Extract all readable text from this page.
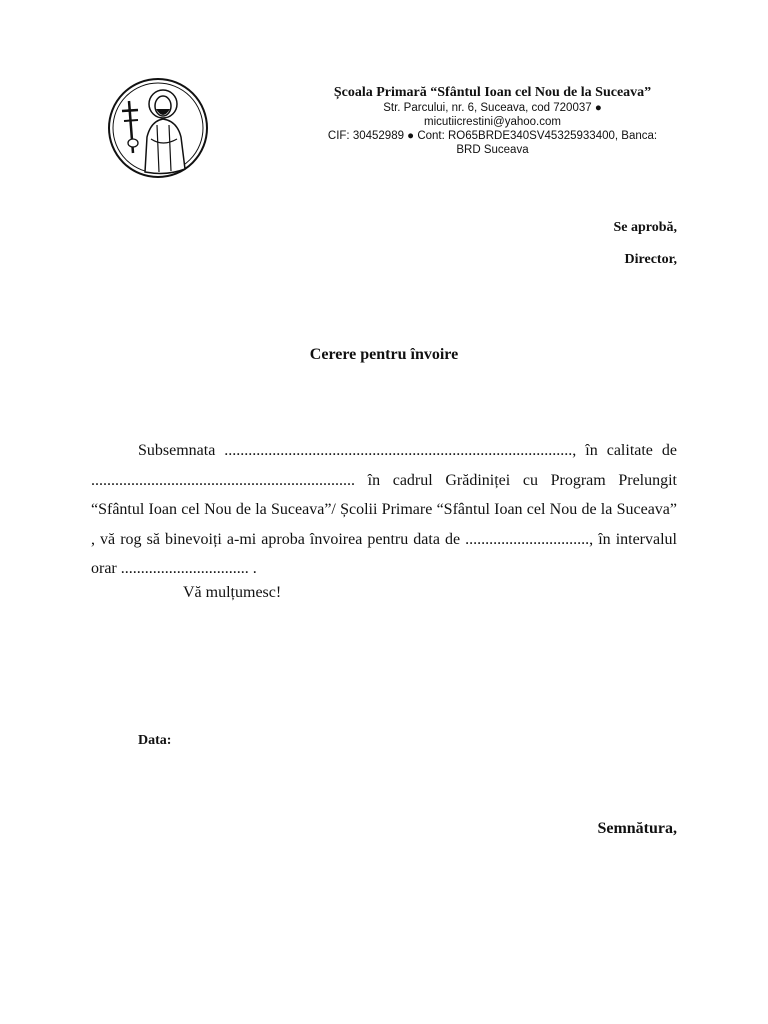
Școala Primară “Sfântul Ioan cel Nou de la Suceava”
Str. Parcului, nr. 6, Suceava, cod 720037 ●
micutiicrestini@yahoo.com
CIF: 30452989 ● Cont: RO65BRDE340SV45325933400, Banca:
BRD Suceava
Se aprobă,
Director,
Cerere pentru învoire

Subsemnata ......................................................................................., în calitate de .................................................................. în cadrul Grădiniței cu Program Prelungit “Sfântul Ioan cel Nou de la Suceava”/ Școlii Primare “Sfântul Ioan cel Nou de la Suceava” , vă rog să binevoiți a-mi aproba învoirea pentru data de ..............................., în intervalul orar ................................ .

Vă mulțumesc!
Data:
Semnătura,
